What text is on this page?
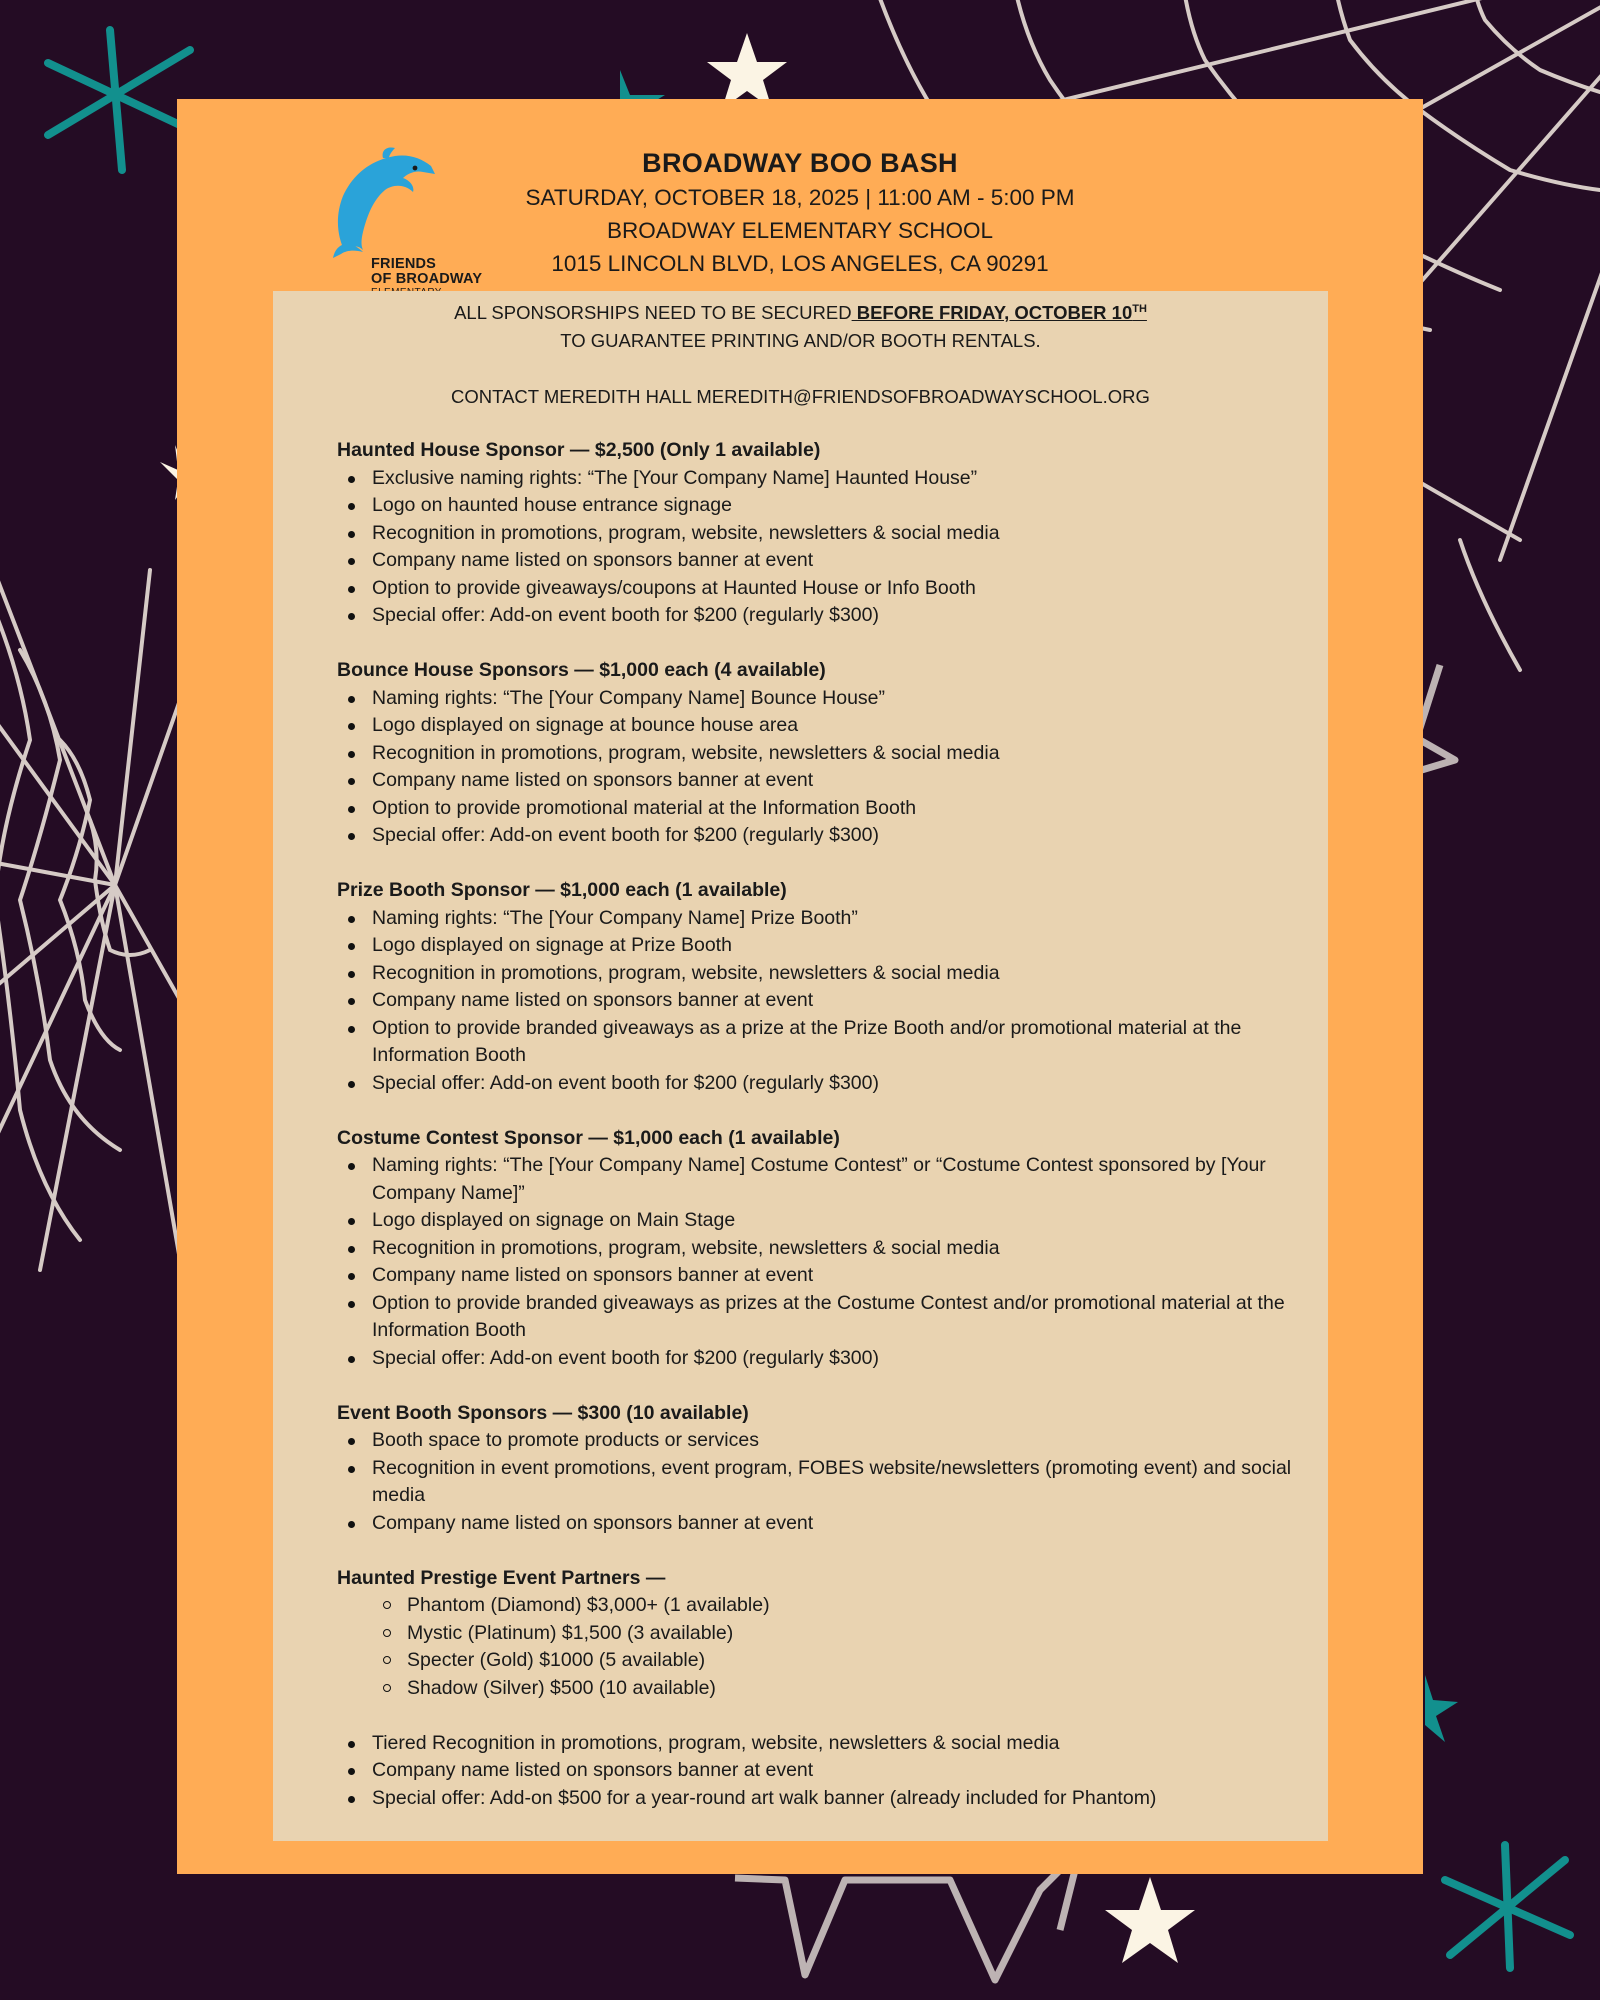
FRIENDS
OF BROADWAY
BROADWAY BOO BASH
SATURDAY, OCTOBER 18, 2025 | 11:00 AM - 5:00 PM
BROADWAY ELEMENTARY SCHOOL
1015 LINCOLN BLVD, LOS ANGELES, CA 90291
ALL SPONSORSHIPS NEED TO BE SECURED BEFORE FRIDAY, OCTOBER 10TH
TO GUARANTEE PRINTING AND/OR BOOTH RENTALS.
CONTACT MEREDITH HALL MEREDITH@FRIENDSOFBROADWAYSCHOOL.ORG
Haunted House Sponsor — $2,500 (Only 1 available)
Exclusive naming rights: “The [Your Company Name] Haunted House”
Logo on haunted house entrance signage
Recognition in promotions, program, website, newsletters & social media
Company name listed on sponsors banner at event
Option to provide giveaways/coupons at Haunted House or Info Booth
Special offer: Add-on event booth for $200 (regularly $300)
Bounce House Sponsors — $1,000 each (4 available)
Naming rights: “The [Your Company Name] Bounce House”
Logo displayed on signage at bounce house area
Recognition in promotions, program, website, newsletters & social media
Company name listed on sponsors banner at event
Option to provide promotional material at the Information Booth
Special offer: Add-on event booth for $200 (regularly $300)
Prize Booth Sponsor — $1,000 each (1 available)
Naming rights: “The [Your Company Name] Prize Booth”
Logo displayed on signage at Prize Booth
Recognition in promotions, program, website, newsletters & social media
Company name listed on sponsors banner at event
Option to provide branded giveaways as a prize at the Prize Booth and/or promotional material at the Information Booth
Special offer: Add-on event booth for $200 (regularly $300)
Costume Contest Sponsor — $1,000 each (1 available)
Naming rights: “The [Your Company Name] Costume Contest” or “Costume Contest sponsored by [Your Company Name]”
Logo displayed on signage on Main Stage
Recognition in promotions, program, website, newsletters & social media
Company name listed on sponsors banner at event
Option to provide branded giveaways as prizes at the Costume Contest and/or promotional material at the Information Booth
Special offer: Add-on event booth for $200 (regularly $300)
Event Booth Sponsors — $300 (10 available)
Booth space to promote products or services
Recognition in event promotions, event program, FOBES website/newsletters (promoting event) and social media
Company name listed on sponsors banner at event
Haunted Prestige Event Partners —
Phantom (Diamond) $3,000+ (1 available)
Mystic (Platinum) $1,500 (3 available)
Specter (Gold) $1000 (5 available)
Shadow (Silver) $500 (10 available)
Tiered Recognition in promotions, program, website, newsletters & social media
Company name listed on sponsors banner at event
Special offer: Add-on $500 for a year-round art walk banner (already included for Phantom)
